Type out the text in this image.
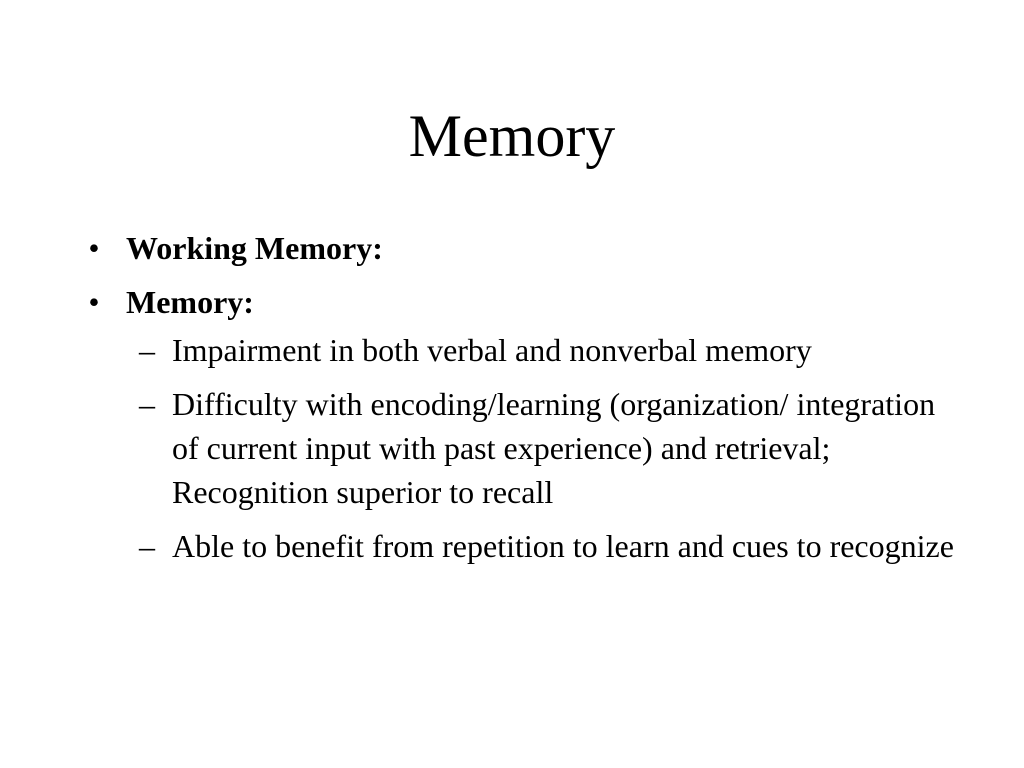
Memory
• Working Memory:
• Memory:
– Impairment in both verbal and nonverbal memory
– Difficulty with encoding/learning (organization/ integration of current input with past experience) and retrieval; Recognition superior to recall
– Able to benefit from repetition to learn and cues to recognize
